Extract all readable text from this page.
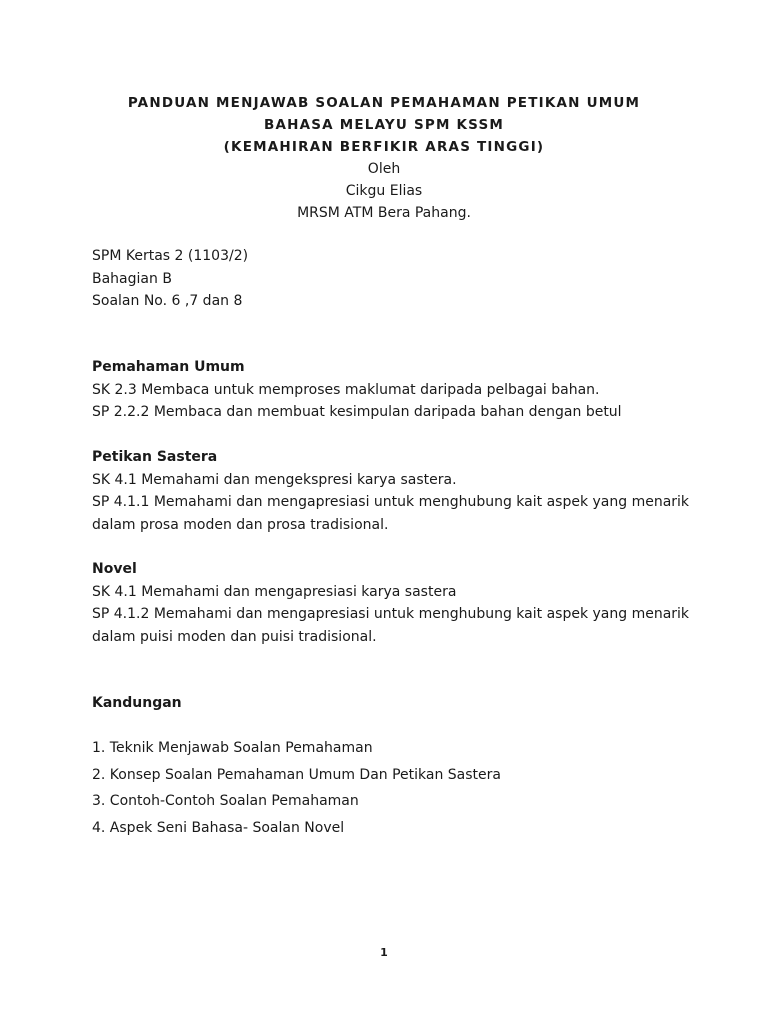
PANDUAN MENJAWAB SOALAN PEMAHAMAN PETIKAN UMUM
BAHASA MELAYU SPM KSSM
(KEMAHIRAN BERFIKIR ARAS TINGGI)
Oleh
Cikgu Elias
MRSM ATM Bera Pahang.
SPM Kertas 2 (1103/2)
Bahagian B
Soalan No. 6 ,7 dan 8
Pemahaman Umum
SK 2.3 Membaca untuk memproses maklumat daripada pelbagai bahan.
SP 2.2.2 Membaca dan membuat kesimpulan daripada bahan dengan betul
Petikan Sastera
SK 4.1 Memahami dan mengekspresi karya sastera.
SP 4.1.1 Memahami dan mengapresiasi untuk menghubung kait aspek yang menarik
dalam prosa moden dan prosa tradisional.
Novel
SK 4.1 Memahami dan mengapresiasi karya sastera
SP 4.1.2 Memahami dan mengapresiasi untuk menghubung kait aspek yang menarik
dalam puisi moden dan puisi tradisional.
Kandungan
1. Teknik Menjawab Soalan Pemahaman
2. Konsep Soalan Pemahaman Umum Dan Petikan Sastera
3. Contoh-Contoh Soalan Pemahaman
4. Aspek Seni Bahasa- Soalan Novel
1
